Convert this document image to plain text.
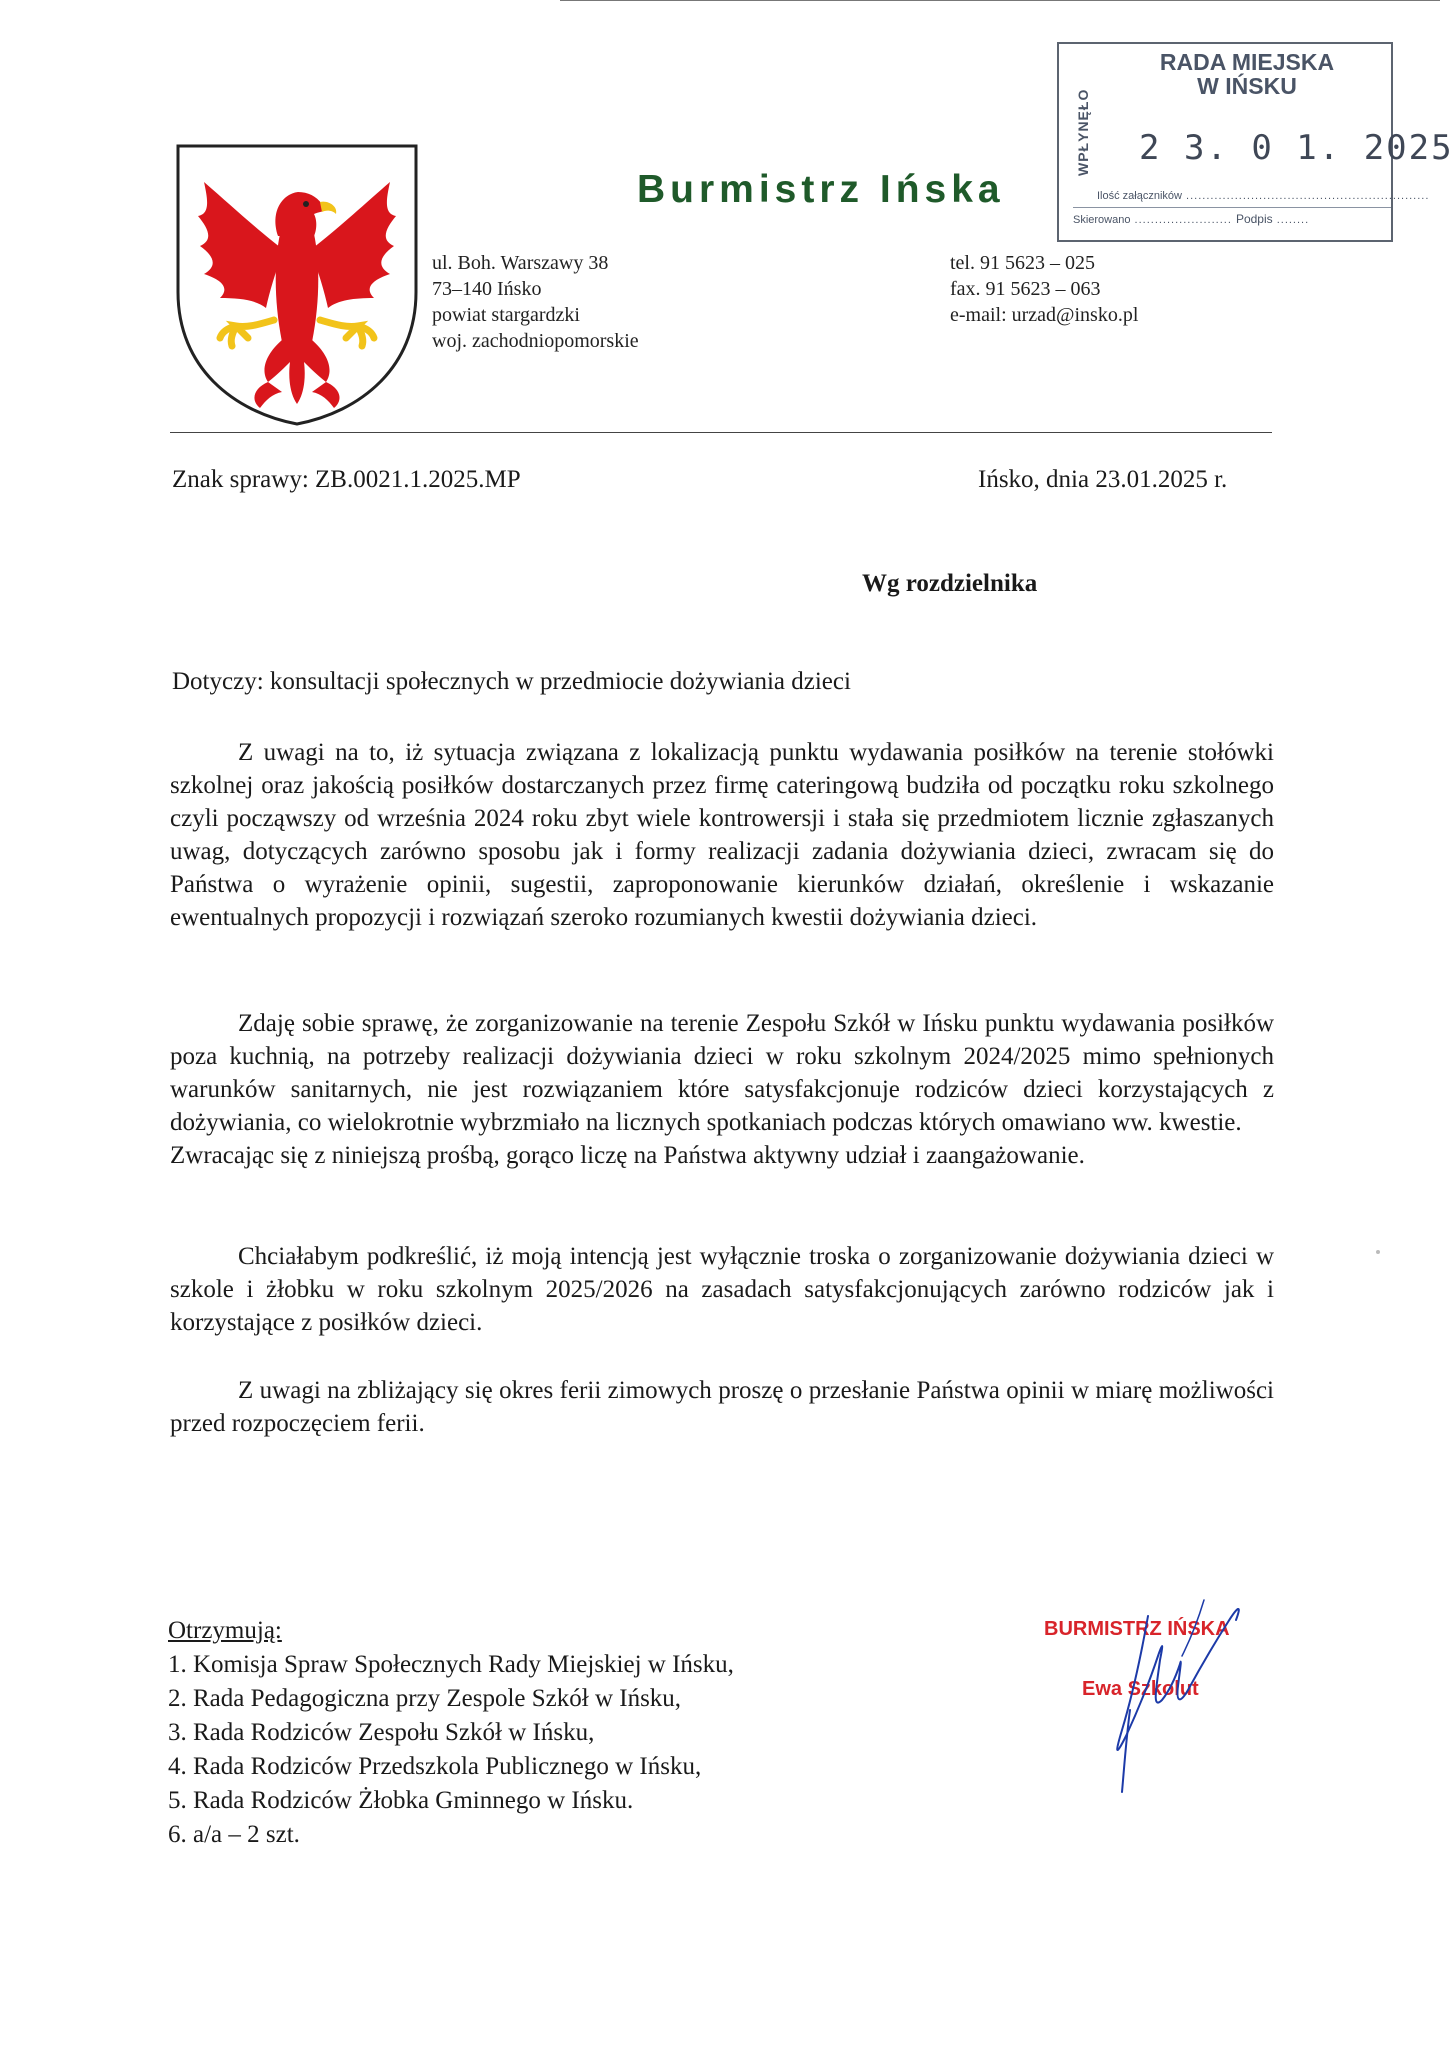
Burmistrz Ińska
ul. Boh. Warszawy 38
73–140 Ińsko
powiat stargardzki
woj. zachodniopomorskie
tel. 91 5623 – 025
fax. 91 5623 – 063
e-mail: urzad@insko.pl
WPŁYNĘŁO
RADA MIEJSKA
W IŃSKU
2 3. 0 1. 2025
Ilość załączników ............................................................
Skierowano ........................ Podpis ........
Znak sprawy: ZB.0021.1.2025.MP	Ińsko, dnia 23.01.2025 r.
Wg rozdzielnika
Dotyczy: konsultacji społecznych w przedmiocie dożywiania dzieci

Z uwagi na to, iż sytuacja związana z lokalizacją punktu wydawania posiłków na terenie stołówki szkolnej oraz jakością posiłków dostarczanych przez firmę cateringową budziła od początku roku szkolnego czyli począwszy od września 2024 roku zbyt wiele kontrowersji i stała się przedmiotem licznie zgłaszanych uwag, dotyczących zarówno sposobu jak i formy realizacji zadania dożywiania dzieci, zwracam się do Państwa o wyrażenie opinii, sugestii, zaproponowanie kierunków działań, określenie i wskazanie ewentualnych propozycji i rozwiązań szeroko rozumianych kwestii dożywiania dzieci.

Zdaję sobie sprawę, że zorganizowanie na terenie Zespołu Szkół w Ińsku punktu wydawania posiłków poza kuchnią, na potrzeby realizacji dożywiania dzieci w roku szkolnym 2024/2025 mimo spełnionych warunków sanitarnych, nie jest rozwiązaniem które satysfakcjonuje rodziców dzieci korzystających z dożywiania, co wielokrotnie wybrzmiało na licznych spotkaniach podczas których omawiano ww. kwestie.

Zwracając się z niniejszą prośbą, gorąco liczę na Państwa aktywny udział i zaangażowanie.

Chciałabym podkreślić, iż moją intencją jest wyłącznie troska o zorganizowanie dożywiania dzieci w szkole i żłobku w roku szkolnym 2025/2026 na zasadach satysfakcjonujących zarówno rodziców jak i korzystające z posiłków dzieci.

Z uwagi na zbliżający się okres ferii zimowych proszę o przesłanie Państwa opinii w miarę możliwości przed rozpoczęciem ferii.

Otrzymują:
1. Komisja Spraw Społecznych Rady Miejskiej w Ińsku,
2. Rada Pedagogiczna przy Zespole Szkół w Ińsku,
3. Rada Rodziców Zespołu Szkół w Ińsku,
4. Rada Rodziców Przedszkola Publicznego w Ińsku,
5. Rada Rodziców Żłobka Gminnego w Ińsku.
6. a/a – 2 szt.
BURMISTRZ IŃSKA
Ewa Szkolut
